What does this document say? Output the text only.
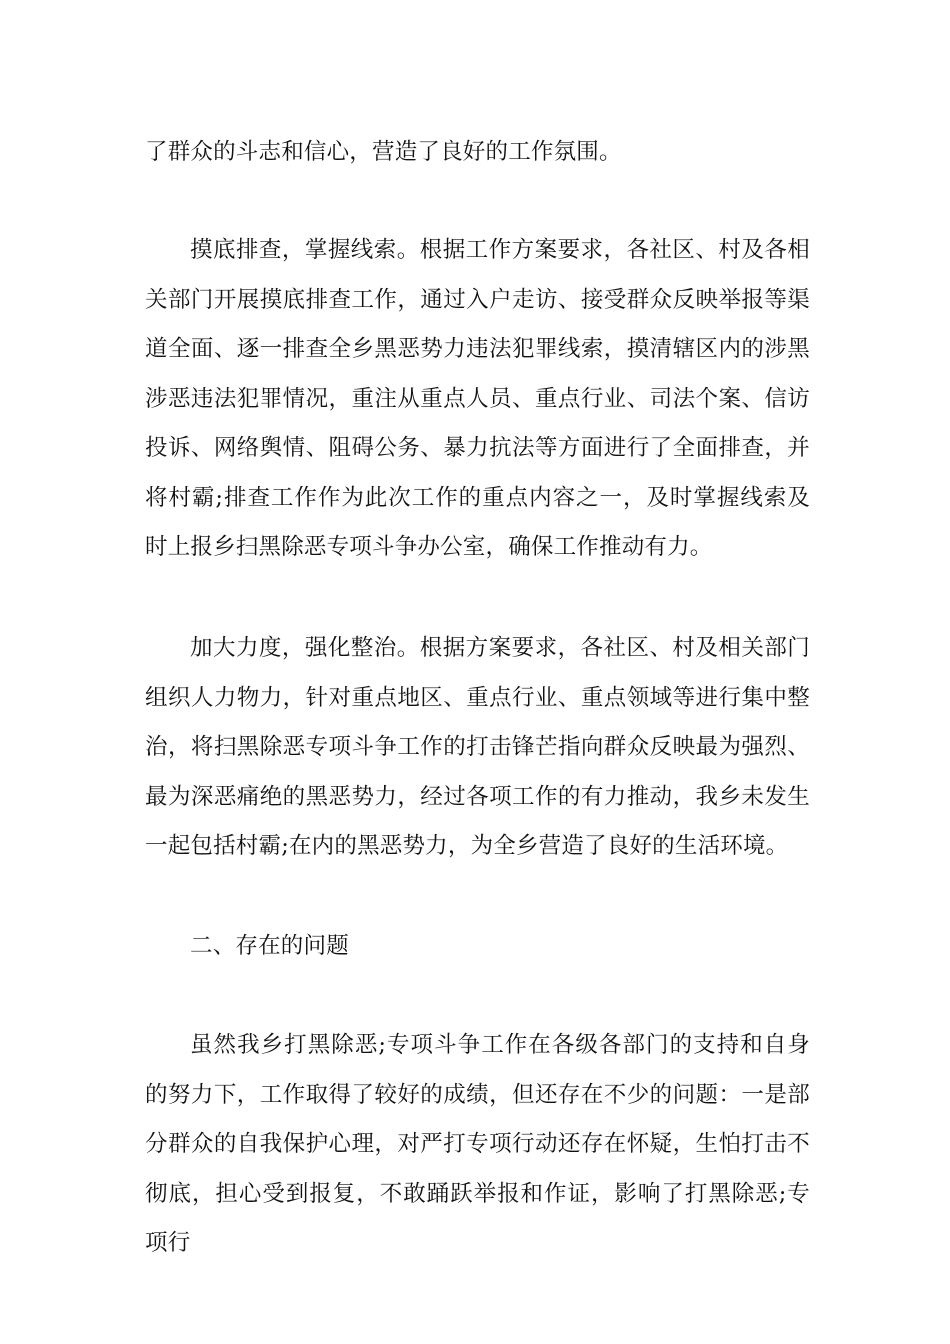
了群众的斗志和信心，营造了良好的工作氛围。

摸底排查，掌握线索。根据工作方案要求，各社区、村及各相关部门开展摸底排查工作，通过入户走访、接受群众反映举报等渠道全面、逐一排查全乡黑恶势力违法犯罪线索，摸清辖区内的涉黑涉恶违法犯罪情况，重注从重点人员、重点行业、司法个案、信访投诉、网络舆情、阻碍公务、暴力抗法等方面进行了全面排查，并将村霸;排查工作作为此次工作的重点内容之一，及时掌握线索及时上报乡扫黑除恶专项斗争办公室，确保工作推动有力。

加大力度，强化整治。根据方案要求，各社区、村及相关部门组织人力物力，针对重点地区、重点行业、重点领域等进行集中整治，将扫黑除恶专项斗争工作的打击锋芒指向群众反映最为强烈、最为深恶痛绝的黑恶势力，经过各项工作的有力推动，我乡未发生一起包括村霸;在内的黑恶势力，为全乡营造了良好的生活环境。

二、存在的问题

虽然我乡打黑除恶;专项斗争工作在各级各部门的支持和自身的努力下，工作取得了较好的成绩，但还存在不少的问题：一是部分群众的自我保护心理，对严打专项行动还存在怀疑，生怕打击不彻底，担心受到报复，不敢踊跃举报和作证，影响了打黑除恶;专项行
